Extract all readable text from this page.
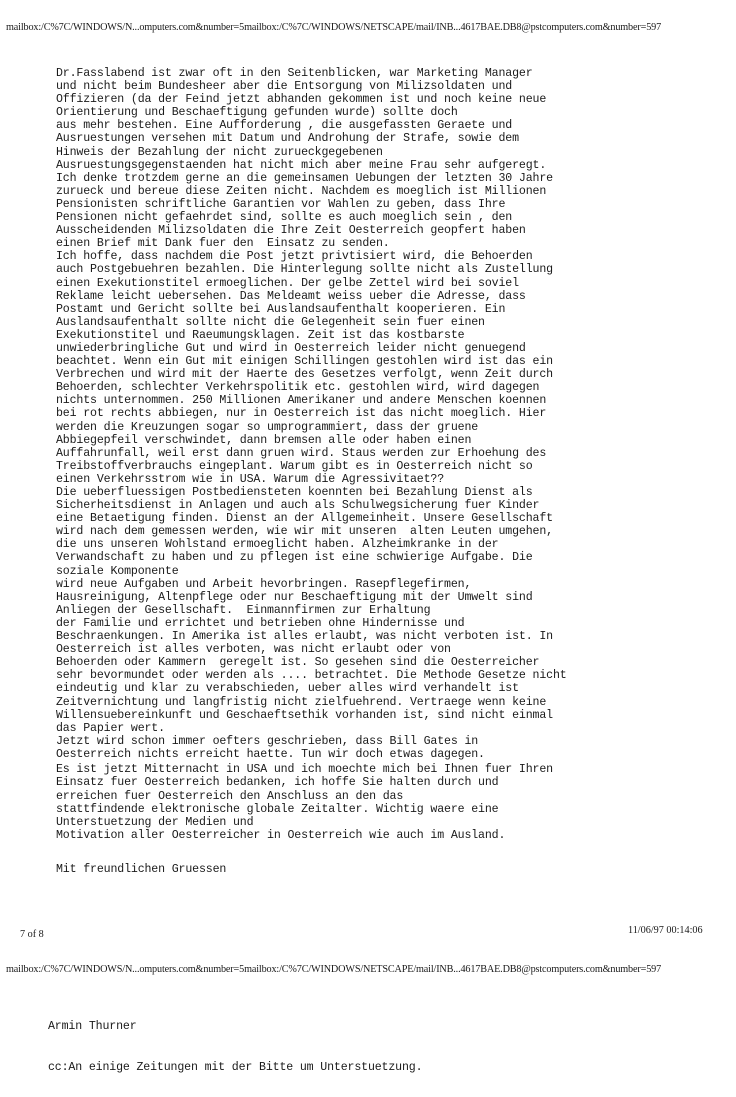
mailbox:/C%7C/WINDOWS/N...omputers.com&number=5mailbox:/C%7C/WINDOWS/NETSCAPE/mail/INB...4617BAE.DB8@pstcomputers.com&number=597
Dr.Fasslabend ist zwar oft in den Seitenblicken, war Marketing Manager
und nicht beim Bundesheer aber die Entsorgung von Milizsoldaten und
Offizieren (da der Feind jetzt abhanden gekommen ist und noch keine neue
Orientierung und Beschaeftigung gefunden wurde) sollte doch
aus mehr bestehen. Eine Aufforderung , die ausgefassten Geraete und
Ausruestungen versehen mit Datum und Androhung der Strafe, sowie dem
Hinweis der Bezahlung der nicht zurueckgegebenen
Ausruestungsgegenstaenden hat nicht mich aber meine Frau sehr aufgeregt.
Ich denke trotzdem gerne an die gemeinsamen Uebungen der letzten 30 Jahre
zurueck und bereue diese Zeiten nicht. Nachdem es moeglich ist Millionen
Pensionisten schriftliche Garantien vor Wahlen zu geben, dass Ihre
Pensionen nicht gefaehrdet sind, sollte es auch moeglich sein , den
Ausscheidenden Milizsoldaten die Ihre Zeit Oesterreich geopfert haben
einen Brief mit Dank fuer den  Einsatz zu senden.
Ich hoffe, dass nachdem die Post jetzt privtisiert wird, die Behoerden
auch Postgebuehren bezahlen. Die Hinterlegung sollte nicht als Zustellung
einen Exekutionstitel ermoeglichen. Der gelbe Zettel wird bei soviel
Reklame leicht uebersehen. Das Meldeamt weiss ueber die Adresse, dass
Postamt und Gericht sollte bei Auslandsaufenthalt kooperieren. Ein
Auslandsaufenthalt sollte nicht die Gelegenheit sein fuer einen
Exekutionstitel und Raeumungsklagen. Zeit ist das kostbarste
unwiederbringliche Gut und wird in Oesterreich leider nicht genuegend
beachtet. Wenn ein Gut mit einigen Schillingen gestohlen wird ist das ein
Verbrechen und wird mit der Haerte des Gesetzes verfolgt, wenn Zeit durch
Behoerden, schlechter Verkehrspolitik etc. gestohlen wird, wird dagegen
nichts unternommen. 250 Millionen Amerikaner und andere Menschen koennen
bei rot rechts abbiegen, nur in Oesterreich ist das nicht moeglich. Hier
werden die Kreuzungen sogar so umprogrammiert, dass der gruene
Abbiegepfeil verschwindet, dann bremsen alle oder haben einen
Auffahrunfall, weil erst dann gruen wird. Staus werden zur Erhoehung des
Treibstoffverbrauchs eingeplant. Warum gibt es in Oesterreich nicht so
einen Verkehrsstrom wie in USA. Warum die Agressivitaet??
Die ueberfluessigen Postbediensteten koennten bei Bezahlung Dienst als
Sicherheitsdienst in Anlagen und auch als Schulwegsicherung fuer Kinder
eine Betaetigung finden. Dienst an der Allgemeinheit. Unsere Gesellschaft
wird nach dem gemessen werden, wie wir mit unseren  alten Leuten umgehen,
die uns unseren Wohlstand ermoeglicht haben. Alzheimkranke in der
Verwandschaft zu haben und zu pflegen ist eine schwierige Aufgabe. Die
soziale Komponente
wird neue Aufgaben und Arbeit hevorbringen. Rasepflegefirmen,
Hausreinigung, Altenpflege oder nur Beschaeftigung mit der Umwelt sind
Anliegen der Gesellschaft.  Einmannfirmen zur Erhaltung
der Familie und errichtet und betrieben ohne Hindernisse und
Beschraenkungen. In Amerika ist alles erlaubt, was nicht verboten ist. In
Oesterreich ist alles verboten, was nicht erlaubt oder von
Behoerden oder Kammern  geregelt ist. So gesehen sind die Oesterreicher
sehr bevormundet oder werden als .... betrachtet. Die Methode Gesetze nicht
eindeutig und klar zu verabschieden, ueber alles wird verhandelt ist
Zeitvernichtung und langfristig nicht zielfuehrend. Vertraege wenn keine
Willensuebereinkunft und Geschaeftsethik vorhanden ist, sind nicht einmal
das Papier wert.
Jetzt wird schon immer oefters geschrieben, dass Bill Gates in
Oesterreich nichts erreicht haette. Tun wir doch etwas dagegen.
Es ist jetzt Mitternacht in USA und ich moechte mich bei Ihnen fuer Ihren
Einsatz fuer Oesterreich bedanken, ich hoffe Sie halten durch und
erreichen fuer Oesterreich den Anschluss an den das
stattfindende elektronische globale Zeitalter. Wichtig waere eine
Unterstuetzung der Medien und
Motivation aller Oesterreicher in Oesterreich wie auch im Ausland.
Mit freundlichen Gruessen
7 of 8	11/06/97 00:14:06
mailbox:/C%7C/WINDOWS/N...omputers.com&number=5mailbox:/C%7C/WINDOWS/NETSCAPE/mail/INB...4617BAE.DB8@pstcomputers.com&number=597
Armin Thurner
cc:An einige Zeitungen mit der Bitte um Unterstuetzung.
